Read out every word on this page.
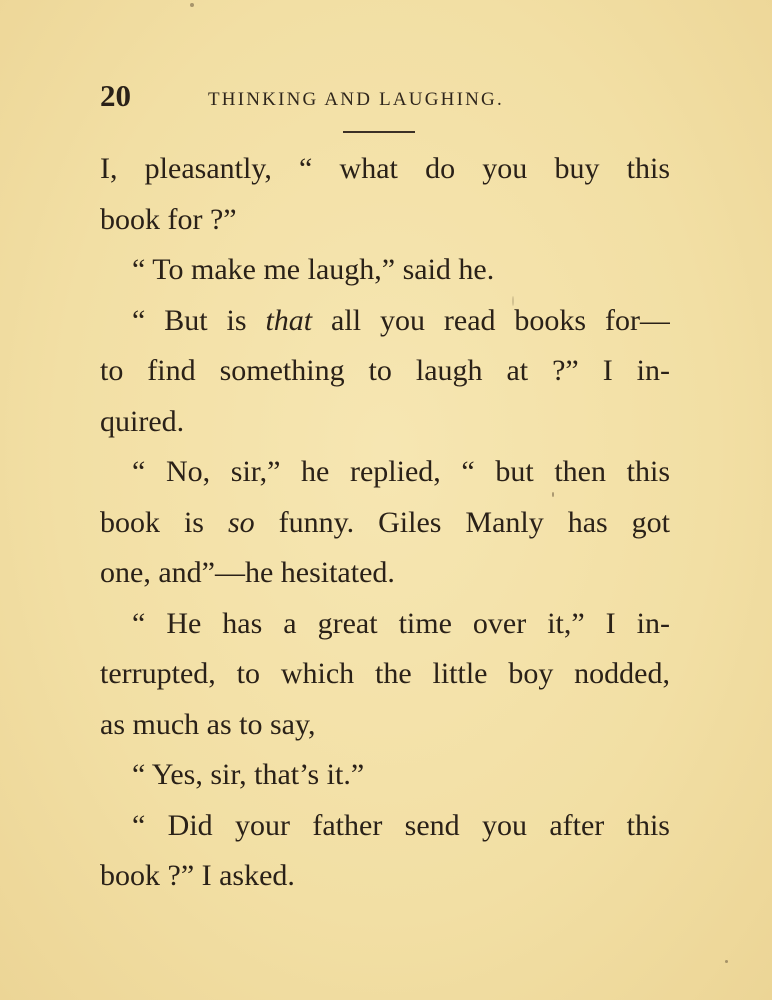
20	THINKING AND LAUGHING.
I, pleasantly, “ what do you buy this
book for ?”
“ To make me laugh,” said he.
“ But is that all you read books for—
to find something to laugh at ?” I in-
quired.
“ No, sir,” he replied, “ but then this
book is so funny. Giles Manly has got
one, and”—he hesitated.
“ He has a great time over it,” I in-
terrupted, to which the little boy nodded,
as much as to say,
“ Yes, sir, that’s it.”
“ Did your father send you after this
book ?” I asked.
